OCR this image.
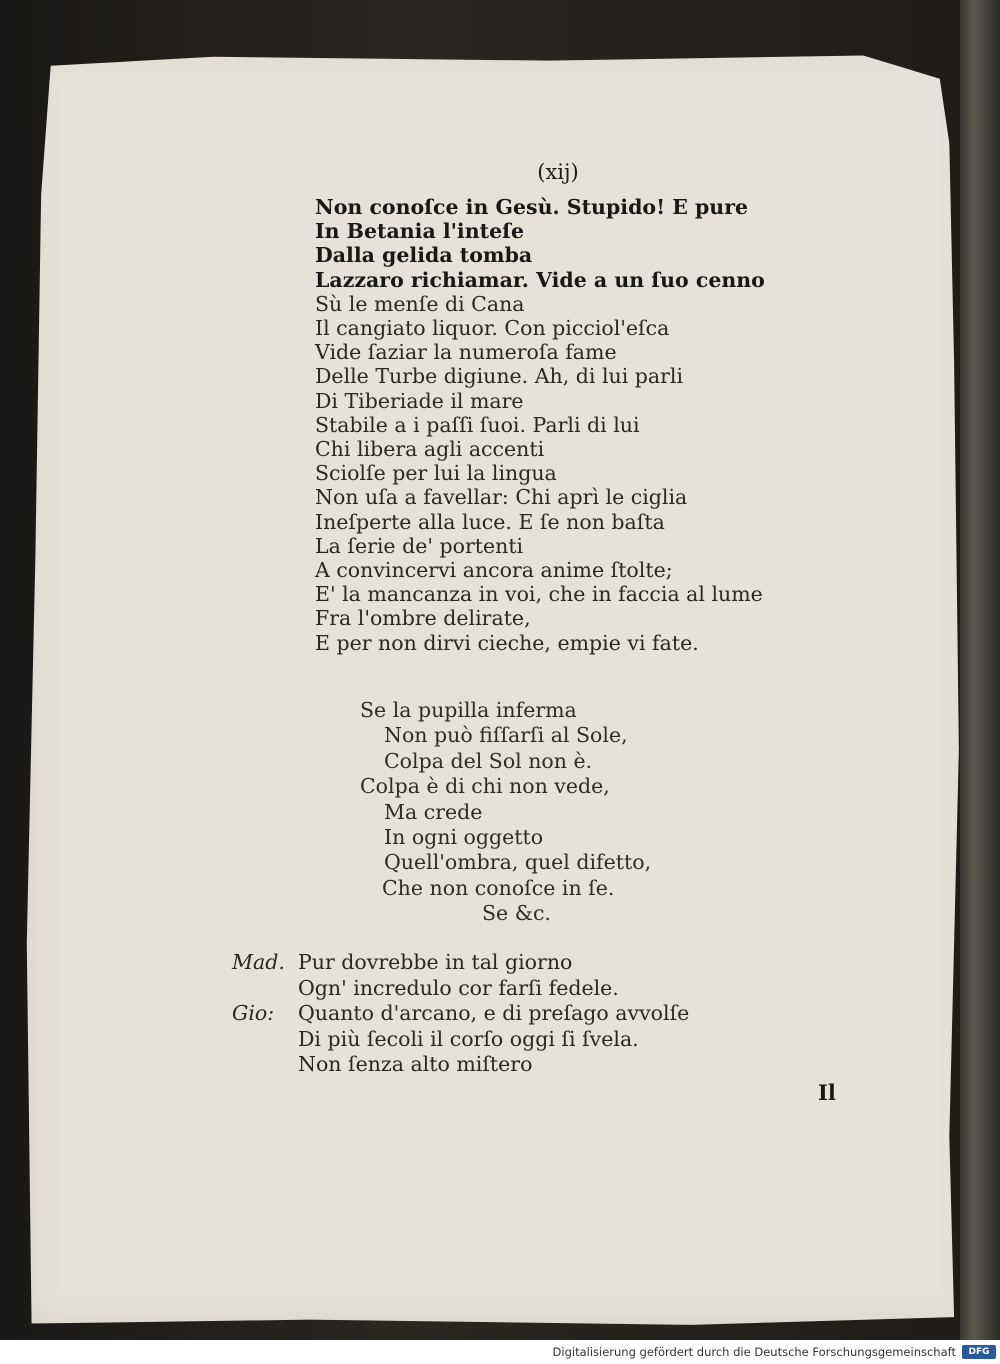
(xij)
Non conoſce in Gesù. Stupido! E pure
In Betania l'inteſe
Dalla gelida tomba
Lazzaro richiamar. Vide a un ſuo cenno
Sù le menſe di Cana
Il cangiato liquor. Con picciol'eſca
Vide ſaziar la numeroſa fame
Delle Turbe digiune. Ah, di lui parli
Di Tiberiade il mare
Stabile a i paſſi ſuoi. Parli di lui
Chi libera agli accenti
Sciolſe per lui la lingua
Non uſa a favellar: Chi aprì le ciglia
Ineſperte alla luce. E ſe non baſta
La ſerie de' portenti
A convincervi ancora anime ſtolte;
E' la mancanza in voi, che in faccia al lume
Fra l'ombre delirate,
E per non dirvi cieche, empie vi fate.
Se la pupilla inferma
Non può fiſſarſi al Sole,
Colpa del Sol non è.
Colpa è di chi non vede,
Ma crede
In ogni oggetto
Quell'ombra, quel difetto,
Che non conoſce in ſe.
Se &c.
Mad. Pur dovrebbe in tal giorno
Ogn' incredulo cor farſi fedele.
Gio:	Quanto d'arcano, e di preſago avvolſe
Di più ſecoli il corſo oggi ſi ſvela.
Non ſenza alto miſtero
Il
Digitalisierung gefördert durch die Deutsche Forschungsgemeinschaft	DFG
